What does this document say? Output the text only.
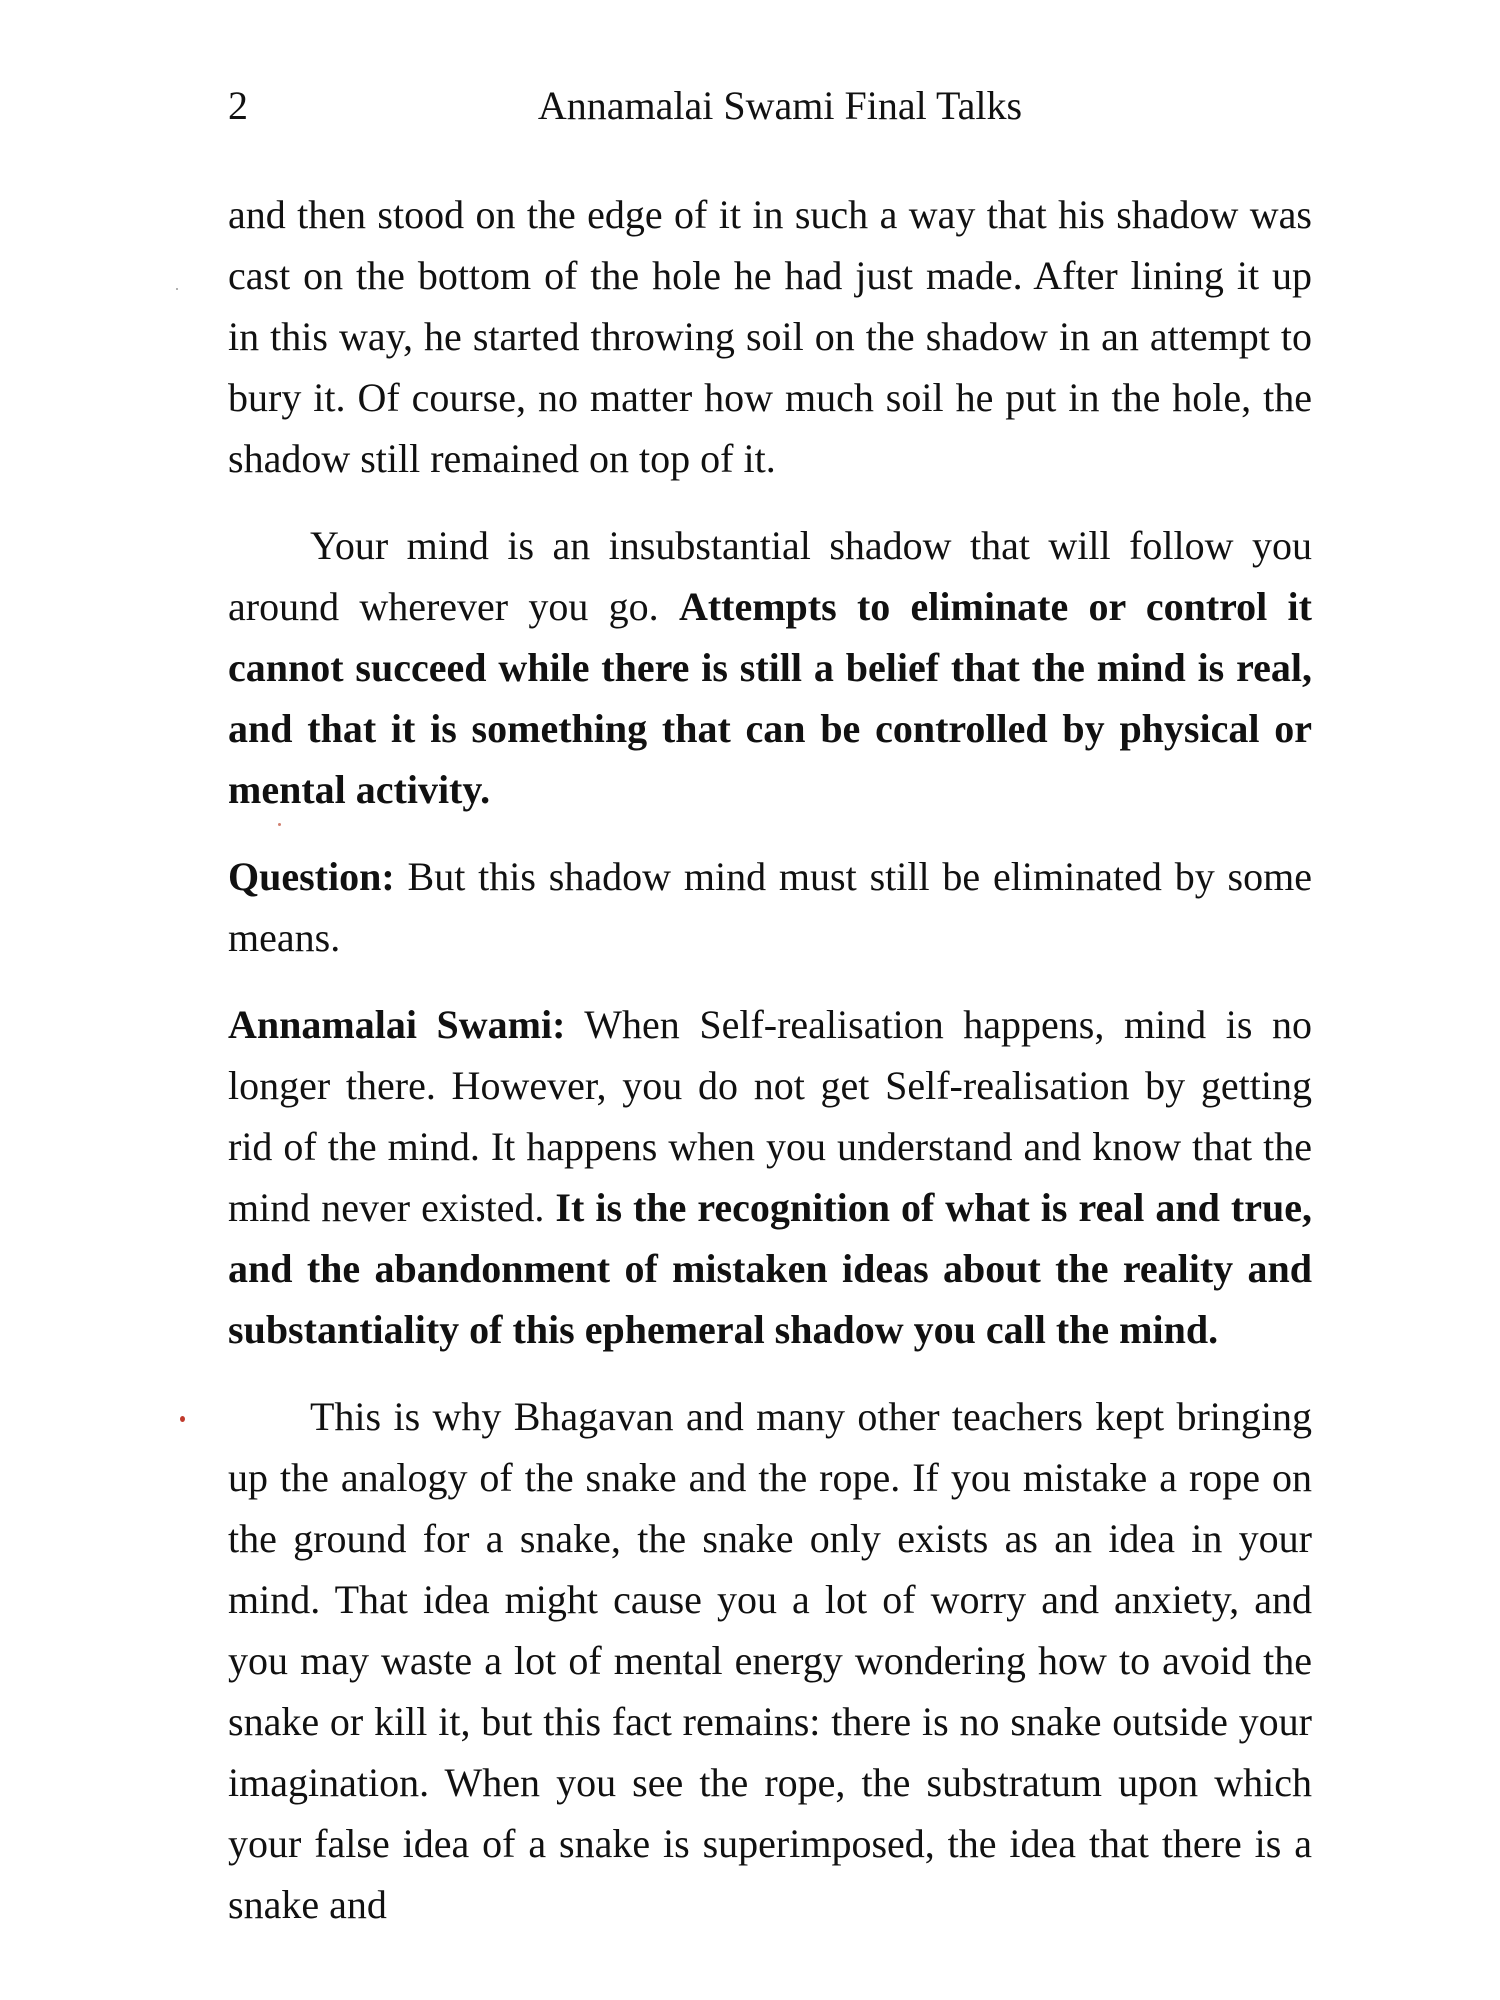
2	Annamalai Swami Final Talks

and then stood on the edge of it in such a way that his shadow was cast on the bottom of the hole he had just made. After lining it up in this way, he started throwing soil on the shadow in an attempt to bury it. Of course, no matter how much soil he put in the hole, the shadow still remained on top of it.

Your mind is an insubstantial shadow that will follow you around wherever you go. Attempts to eliminate or control it cannot succeed while there is still a belief that the mind is real, and that it is something that can be controlled by physical or mental activity.

Question: But this shadow mind must still be eliminated by some means.

Annamalai Swami: When Self-realisation happens, mind is no longer there. However, you do not get Self-realisation by getting rid of the mind. It happens when you understand and know that the mind never existed. It is the recognition of what is real and true, and the abandonment of mistaken ideas about the reality and substantiality of this ephemeral shadow you call the mind.

This is why Bhagavan and many other teachers kept bringing up the analogy of the snake and the rope. If you mistake a rope on the ground for a snake, the snake only exists as an idea in your mind. That idea might cause you a lot of worry and anxiety, and you may waste a lot of mental energy wondering how to avoid the snake or kill it, but this fact remains: there is no snake outside your imagination. When you see the rope, the substratum upon which your false idea of a snake is superimposed, the idea that there is a snake and
